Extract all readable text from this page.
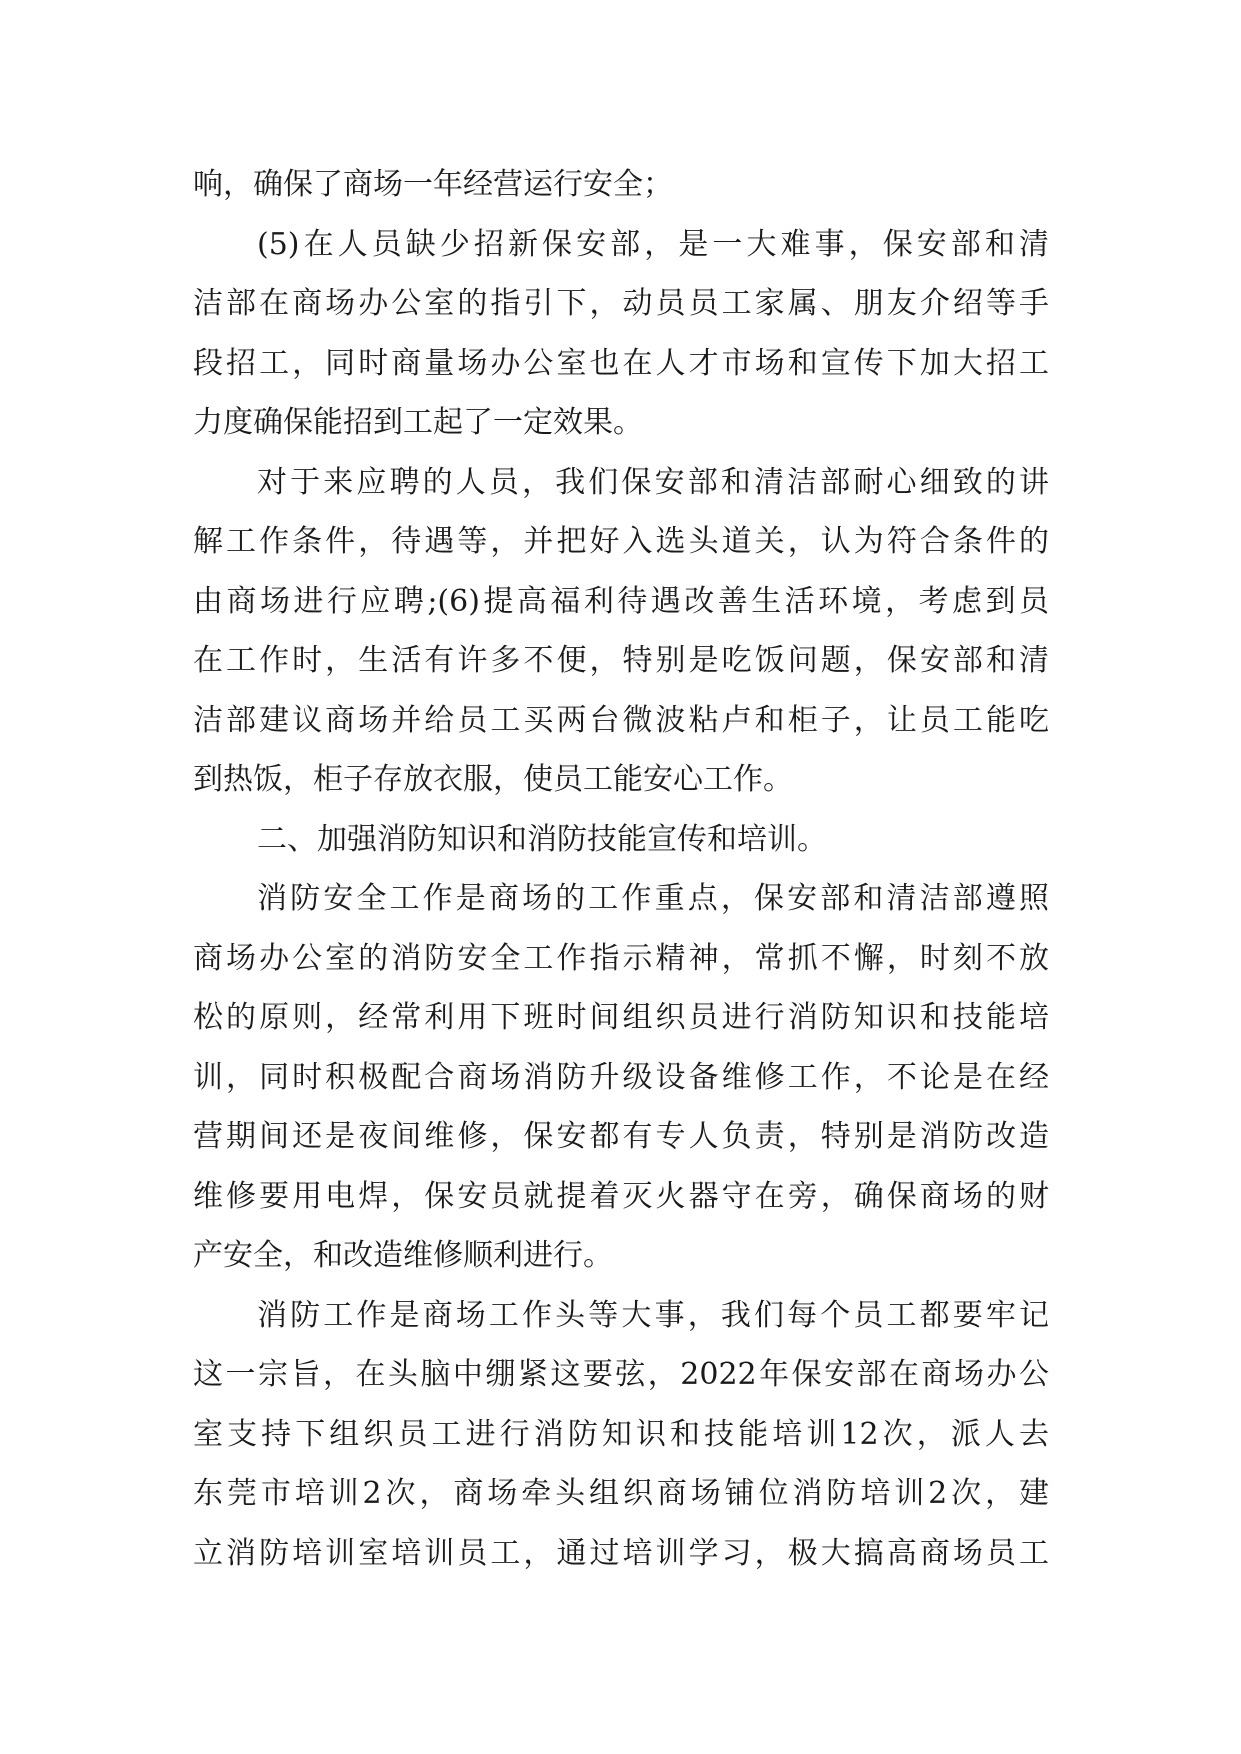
响，确保了商场一年经营运行安全；
(5)在人员缺少招新保安部，是一大难事，保安部和清
洁部在商场办公室的指引下，动员员工家属、朋友介绍等手
段招工，同时商量场办公室也在人才市场和宣传下加大招工
力度确保能招到工起了一定效果。
对于来应聘的人员，我们保安部和清洁部耐心细致的讲
解工作条件，待遇等，并把好入选头道关，认为符合条件的
由商场进行应聘;(6)提高福利待遇改善生活环境，考虑到员
在工作时，生活有许多不便，特别是吃饭问题，保安部和清
洁部建议商场并给员工买两台微波粘卢和柜子，让员工能吃
到热饭，柜子存放衣服，使员工能安心工作。
二、加强消防知识和消防技能宣传和培训。
消防安全工作是商场的工作重点，保安部和清洁部遵照
商场办公室的消防安全工作指示精神，常抓不懈，时刻不放
松的原则，经常利用下班时间组织员进行消防知识和技能培
训，同时积极配合商场消防升级设备维修工作，不论是在经
营期间还是夜间维修，保安都有专人负责，特别是消防改造
维修要用电焊，保安员就提着灭火器守在旁，确保商场的财
产安全，和改造维修顺利进行。
消防工作是商场工作头等大事，我们每个员工都要牢记
这一宗旨，在头脑中绷紧这要弦，2022年保安部在商场办公
室支持下组织员工进行消防知识和技能培训12次，派人去
东莞市培训2次，商场牵头组织商场铺位消防培训2次，建
立消防培训室培训员工，通过培训学习，极大搞高商场员工
